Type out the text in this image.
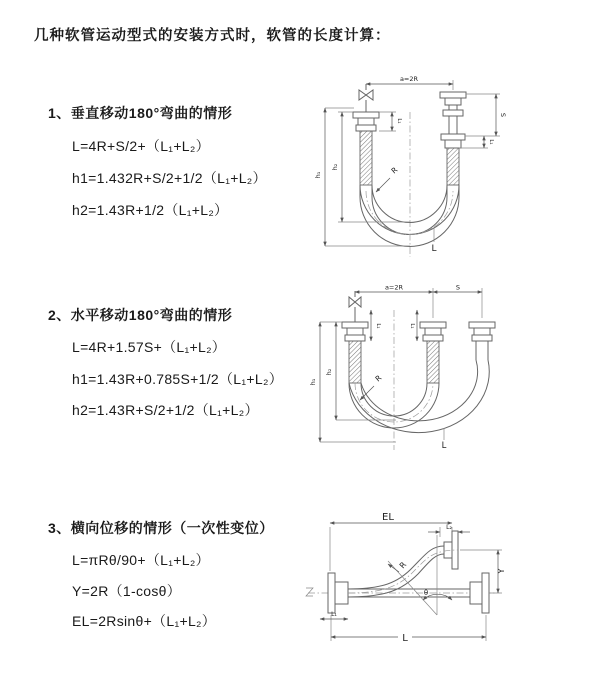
几种软管运动型式的安装方式时，软管的长度计算：
1、垂直移动180°弯曲的情形
L=4R+S/2+（L₁+L₂）
h1=1.432R+S/2+1/2（L₁+L₂）
h2=1.43R+1/2（L₁+L₂）
2、水平移动180°弯曲的情形
L=4R+1.57S+（L₁+L₂）
h1=1.43R+0.785S+1/2（L₁+L₂）
h2=1.43R+S/2+1/2（L₁+L₂）
3、横向位移的情形（一次性变位）
L=πRθ/90+（L₁+L₂）
Y=2R（1-cosθ）
EL=2Rsinθ+（L₁+L₂）
a=2R
S
L₁
L₁
h₂
h₁	R
L
a=2R	S
L₁	L₁
h₂
h₁	R
L
EL
L₂
Y
θ
R
L
L₁
